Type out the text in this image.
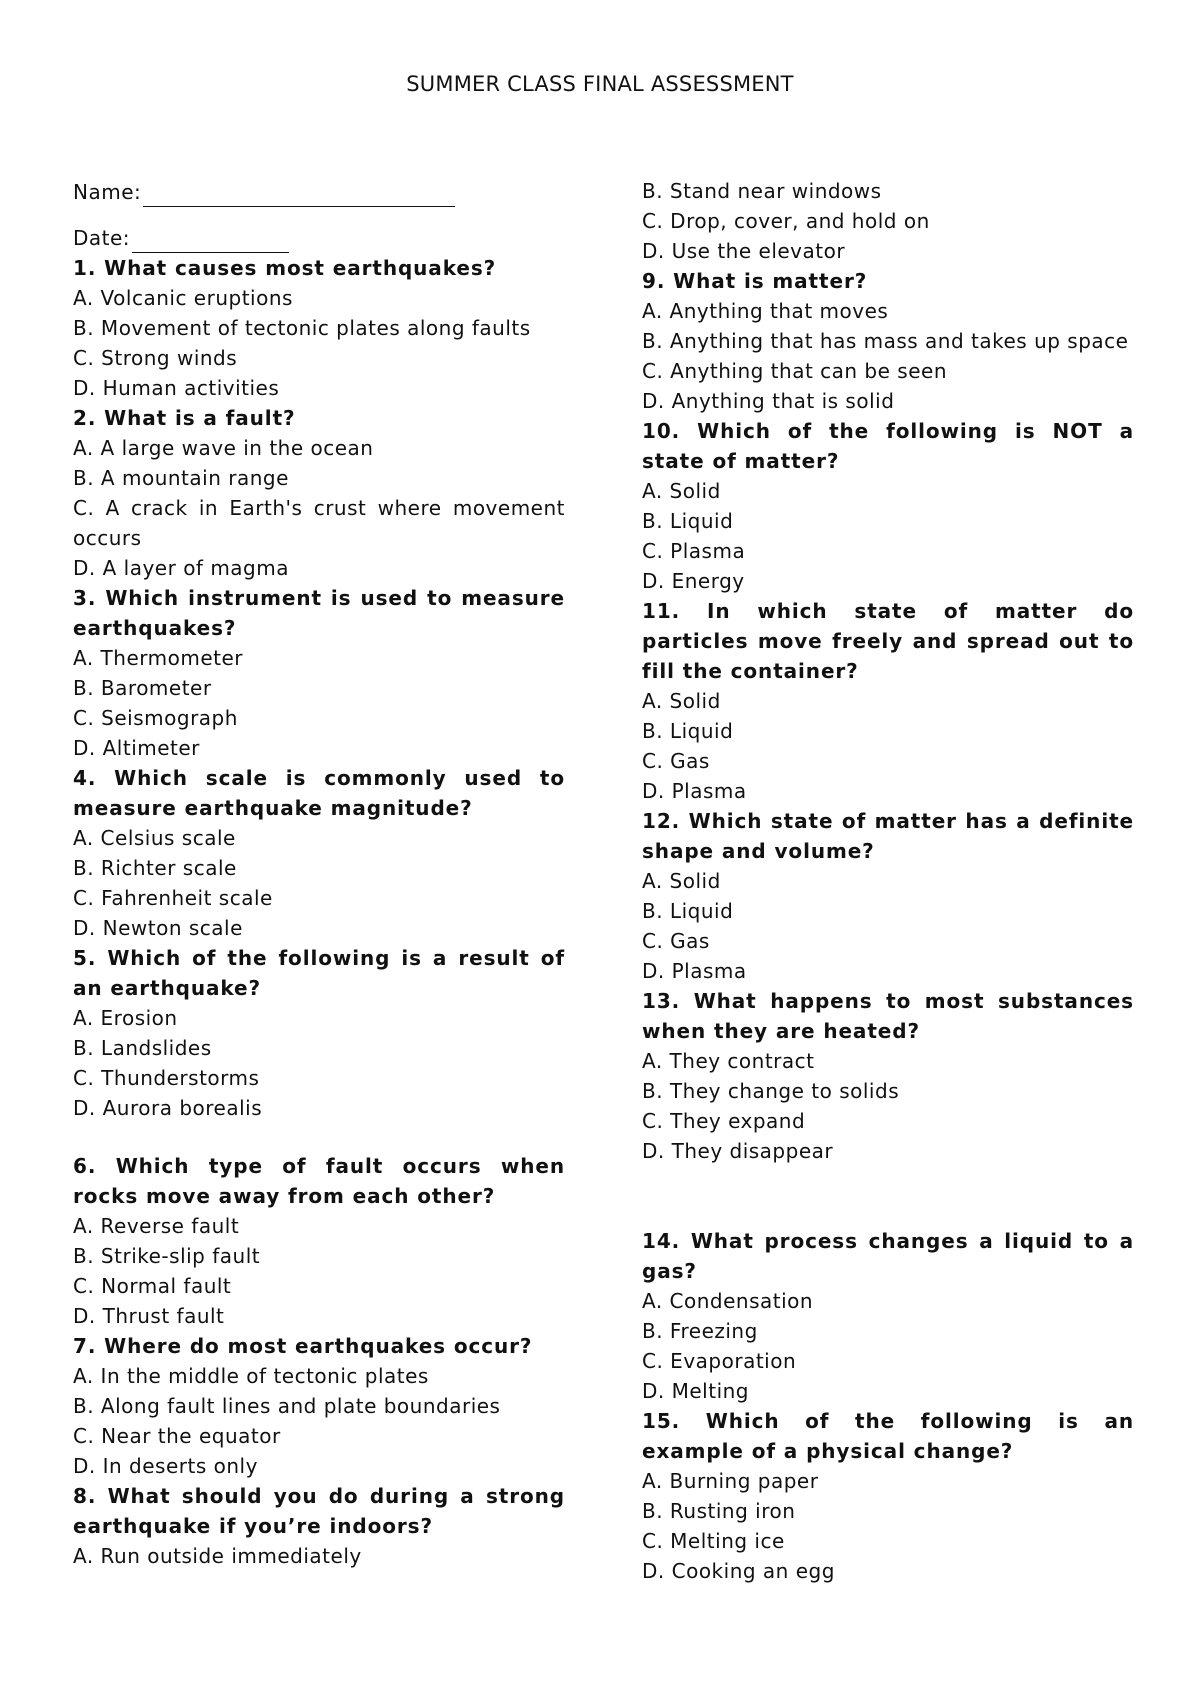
SUMMER CLASS FINAL ASSESSMENT
Name:
Date:
1. What causes most earthquakes?
A. Volcanic eruptions
B. Movement of tectonic plates along faults
C. Strong winds
D. Human activities
2. What is a fault?
A. A large wave in the ocean
B. A mountain range
C. A crack in Earth's crust where movement occurs
D. A layer of magma
3. Which instrument is used to measure earthquakes?
A. Thermometer
B. Barometer
C. Seismograph
D. Altimeter
4. Which scale is commonly used to measure earthquake magnitude?
A. Celsius scale
B. Richter scale
C. Fahrenheit scale
D. Newton scale
5. Which of the following is a result of an earthquake?
A. Erosion
B. Landslides
C. Thunderstorms
D. Aurora borealis
6. Which type of fault occurs when rocks move away from each other?
A. Reverse fault
B. Strike-slip fault
C. Normal fault
D. Thrust fault
7. Where do most earthquakes occur?
A. In the middle of tectonic plates
B. Along fault lines and plate boundaries
C. Near the equator
D. In deserts only
8. What should you do during a strong earthquake if you’re indoors?
A. Run outside immediately
B. Stand near windows
C. Drop, cover, and hold on
D. Use the elevator
9. What is matter?
A. Anything that moves
B. Anything that has mass and takes up space
C. Anything that can be seen
D. Anything that is solid
10. Which of the following is NOT a state of matter?
A. Solid
B. Liquid
C. Plasma
D. Energy
11. In which state of matter do particles move freely and spread out to fill the container?
A. Solid
B. Liquid
C. Gas
D. Plasma
12. Which state of matter has a definite shape and volume?
A. Solid
B. Liquid
C. Gas
D. Plasma
13. What happens to most substances when they are heated?
A. They contract
B. They change to solids
C. They expand
D. They disappear
14. What process changes a liquid to a gas?
A. Condensation
B. Freezing
C. Evaporation
D. Melting
15. Which of the following is an example of a physical change?
A. Burning paper
B. Rusting iron
C. Melting ice
D. Cooking an egg
